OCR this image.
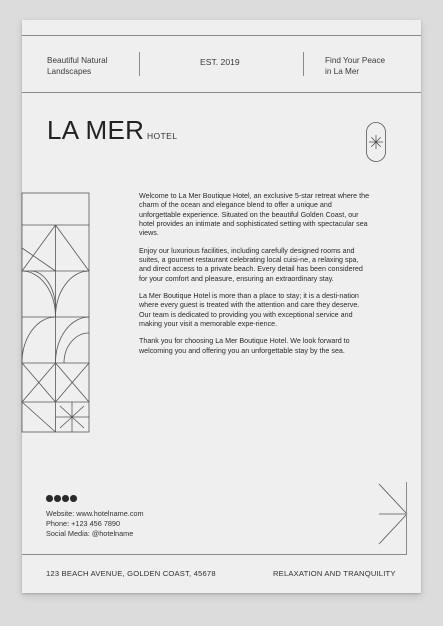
Beautiful Natural
Landscapes
EST. 2019	Find Your Peace
in La Mer
LA MER HOTEL

Welcome to La Mer Boutique Hotel, an exclusive 5-star retreat where the charm of the ocean and elegance blend to offer a unique and unforgettable experience. Situated on the beautiful Golden Coast, our hotel provides an intimate and sophisticated setting with spectacular sea views.

Enjoy our luxurious facilities, including carefully designed rooms and suites, a gourmet restaurant celebrating local cuisi-ne, a relaxing spa, and direct access to a private beach. Every detail has been considered for your comfort and pleasure, ensuring an extraordinary stay.

La Mer Boutique Hotel is more than a place to stay; it is a desti-nation where every guest is treated with the attention and care they deserve. Our team is dedicated to providing you with exceptional service and making your visit a memorable expe-rience.

Thank you for choosing La Mer Boutique Hotel. We look forward to welcoming you and offering you an unforgettable stay by the sea.

Website: www.hotelname.com
Phone: +123 456 7890
Social Media: @hotelname
123 BEACH AVENUE, GOLDEN COAST, 45678	RELAXATION AND TRANQUILITY
